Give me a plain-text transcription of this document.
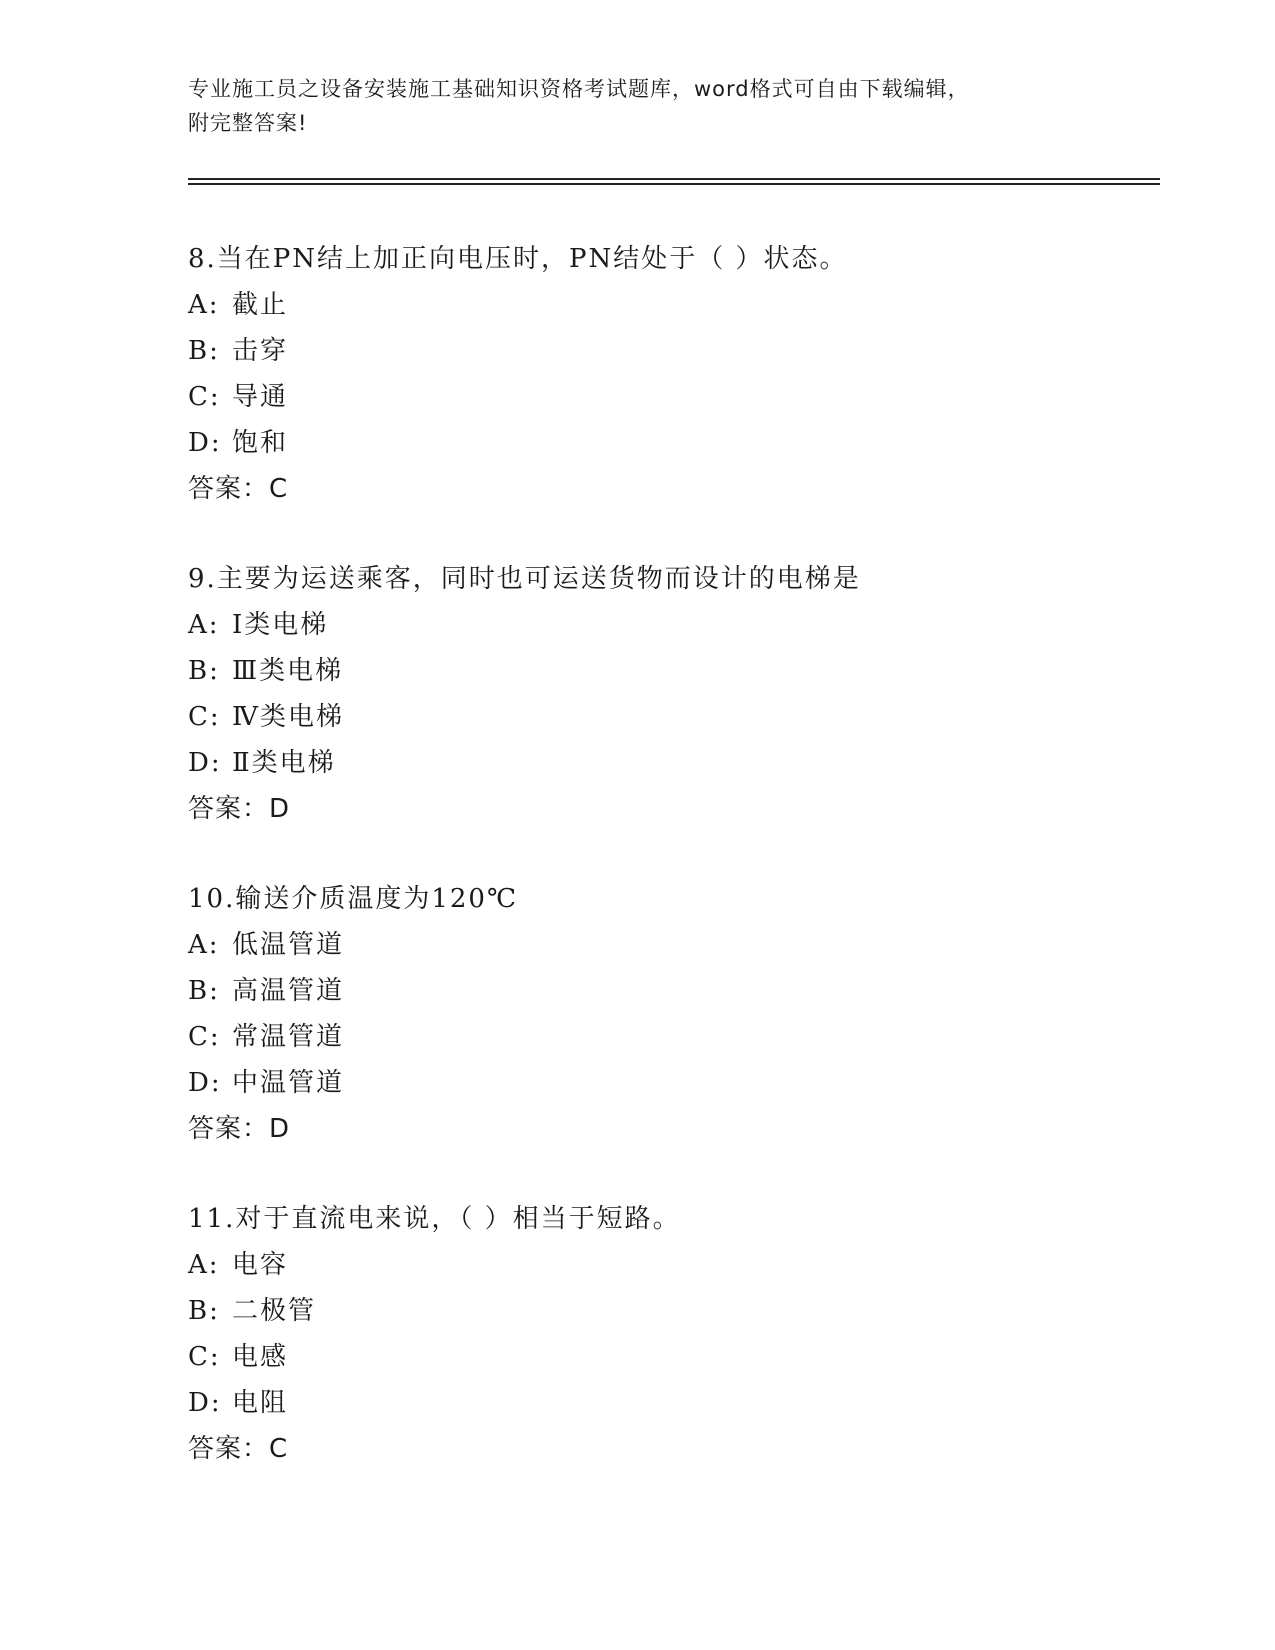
专业施工员之设备安装施工基础知识资格考试题库，word格式可自由下载编辑，
附完整答案!
8.当在PN结上加正向电压时，PN结处于（ ）状态。
A: 截止
B: 击穿
C: 导通
D: 饱和
答案：C
9.主要为运送乘客，同时也可运送货物而设计的电梯是
A: Ⅰ类电梯
B: Ⅲ类电梯
C: Ⅳ类电梯
D: Ⅱ类电梯
答案：D
10.输送介质温度为120℃
A: 低温管道
B: 高温管道
C: 常温管道
D: 中温管道
答案：D
11.对于直流电来说，（ ）相当于短路。
A: 电容
B: 二极管
C: 电感
D: 电阻
答案：C
